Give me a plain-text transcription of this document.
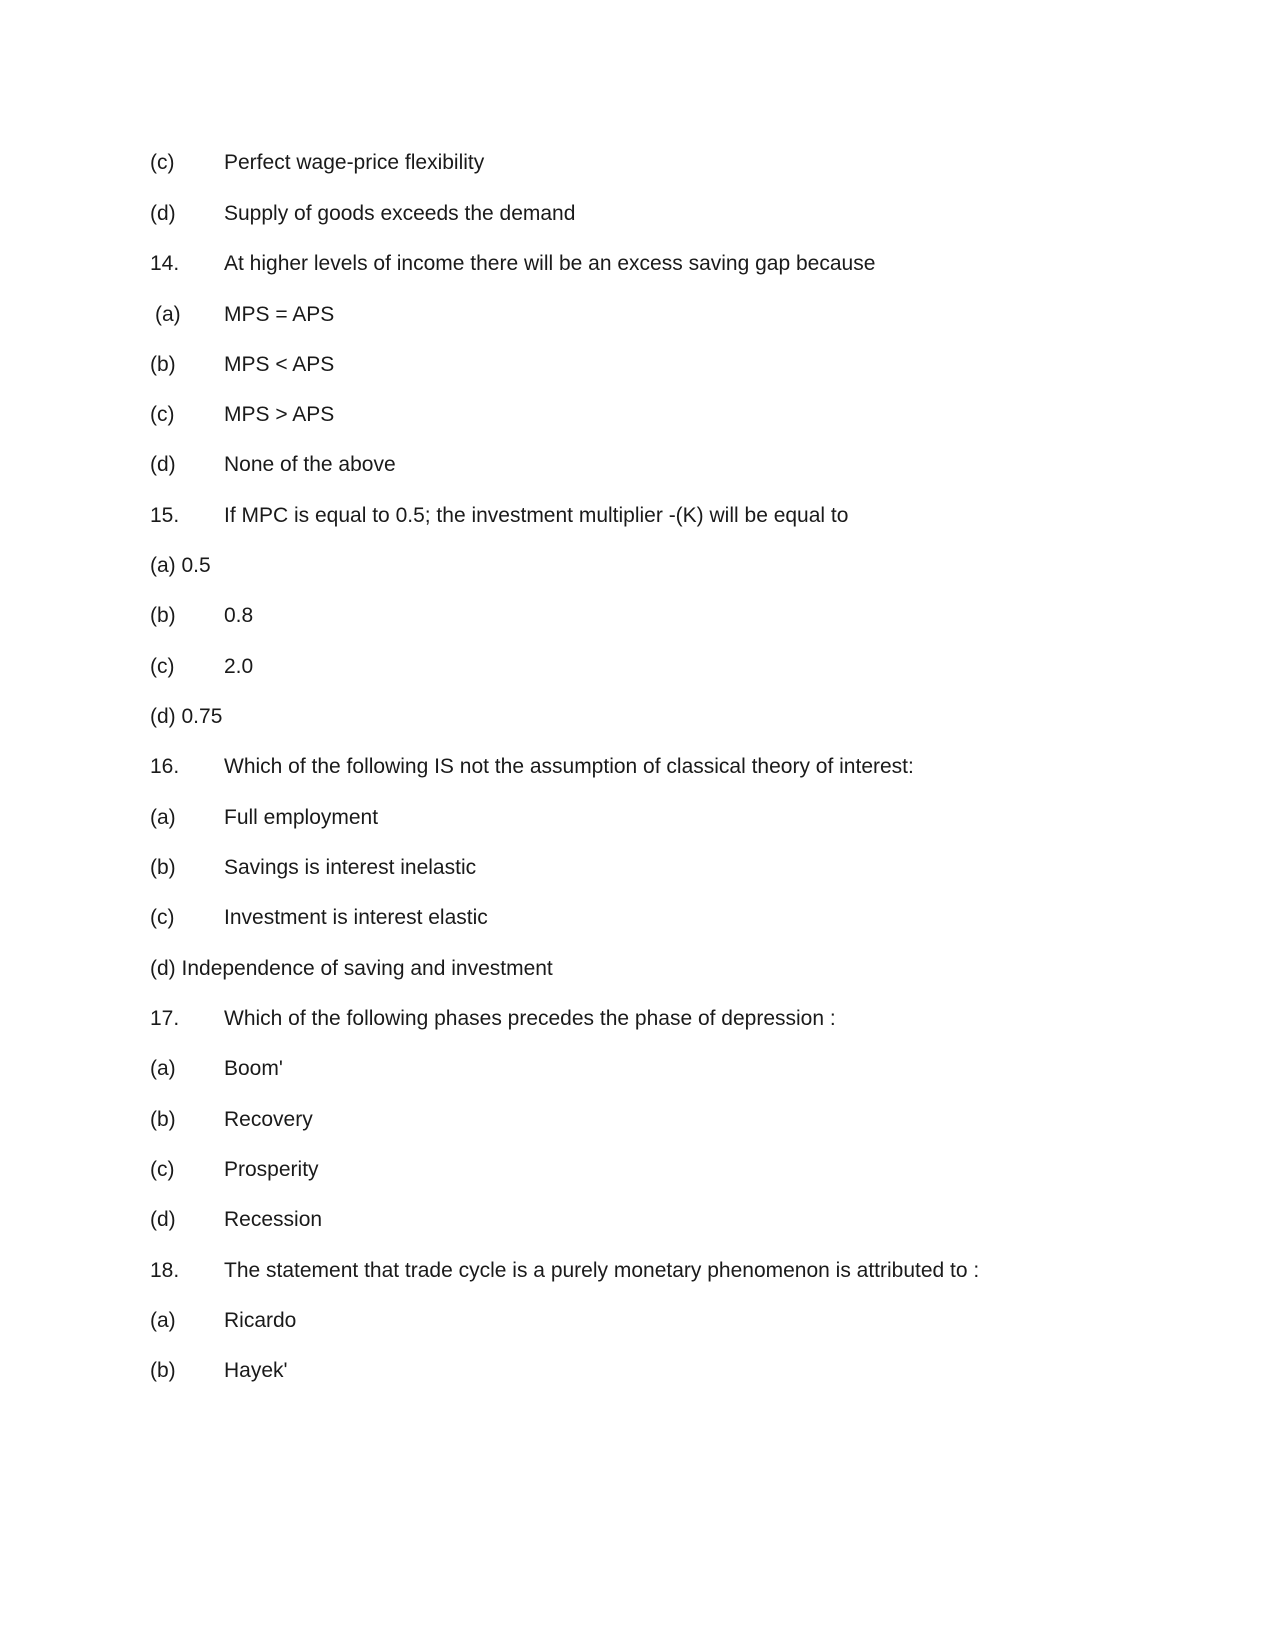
(c) Perfect wage-price flexibility
(d) Supply of goods exceeds the demand
14. At higher levels of income there will be an excess saving gap because
(a) MPS = APS
(b) MPS < APS
(c) MPS > APS
(d) None of the above
15. If MPC is equal to 0.5; the investment multiplier -(K) will be equal to
(a) 0.5
(b) 0.8
(c) 2.0
(d) 0.75
16. Which of the following IS not the assumption of classical theory of interest:
(a) Full employment
(b) Savings is interest inelastic
(c) Investment is interest elastic
(d) Independence of saving and investment
17. Which of the following phases precedes the phase of depression :
(a) Boom'
(b) Recovery
(c) Prosperity
(d) Recession
18. The statement that trade cycle is a purely monetary phenomenon is attributed to :
(a) Ricardo
(b) Hayek'
